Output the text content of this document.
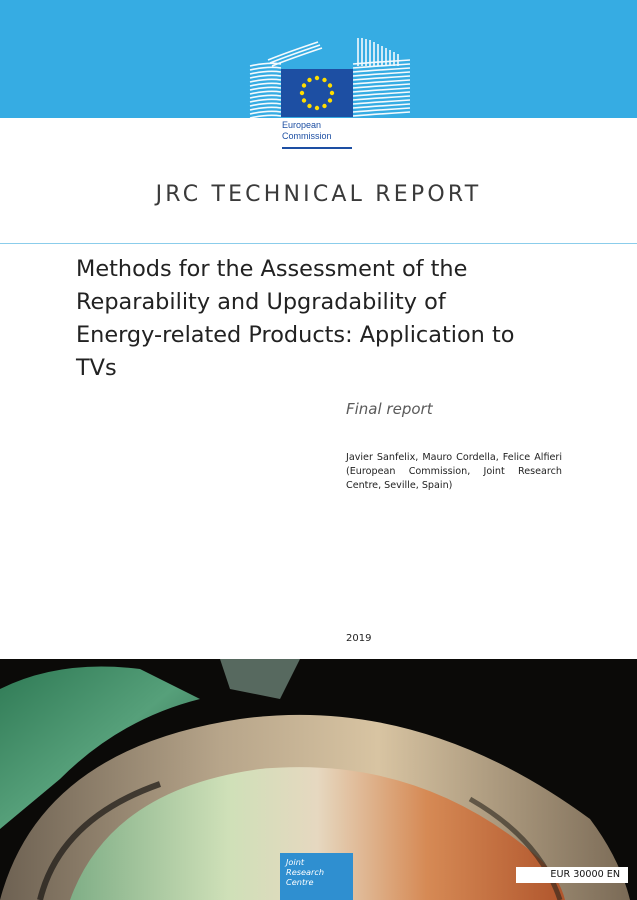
European
Commission
JRC TECHNICAL REPORT
Methods for the Assessment of the
Reparability and Upgradability of
Energy-related Products: Application to
TVs
Final report
Javier Sanfelix, Mauro Cordella, Felice Alfieri (European Commission, Joint Research Centre, Seville, Spain)
2019
Joint
Research
Centre
EUR 30000 EN
